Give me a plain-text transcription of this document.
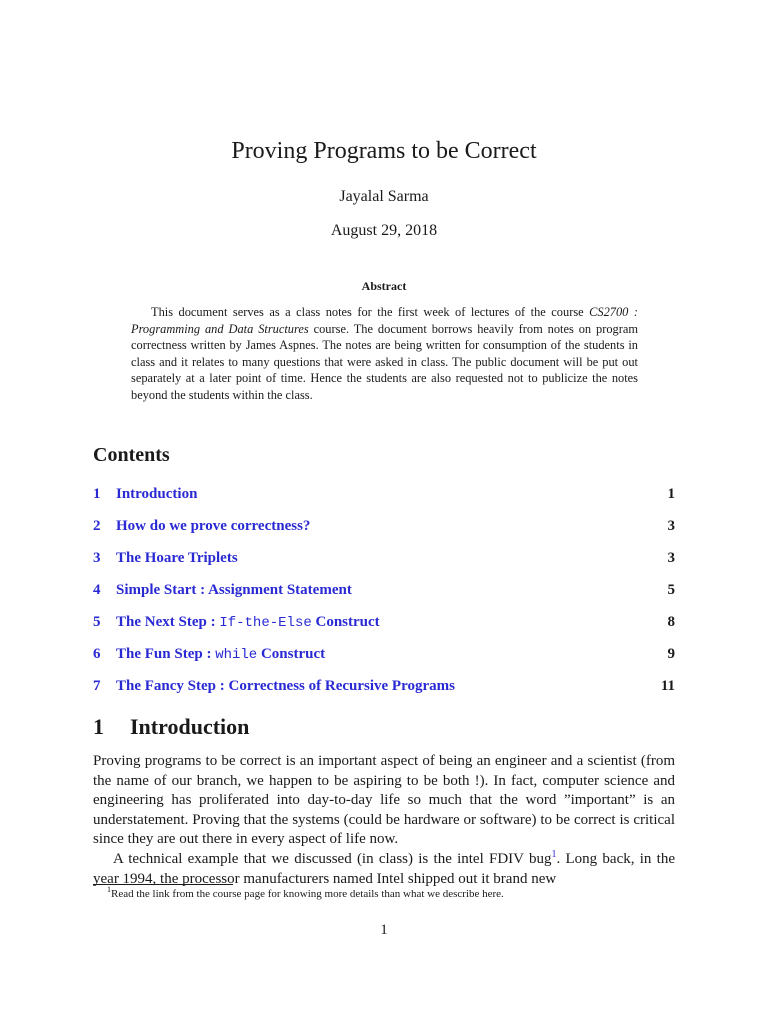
Proving Programs to be Correct
Jayalal Sarma
August 29, 2018
Abstract
This document serves as a class notes for the first week of lectures of the course CS2700 : Programming and Data Structures course. The document borrows heavily from notes on program correctness written by James Aspnes. The notes are being written for consumption of the students in class and it relates to many questions that were asked in class. The public document will be put out separately at a later point of time. Hence the students are also requested not to publicize the notes beyond the students within the class.
Contents
1	Introduction	1
2	How do we prove correctness?	3
3	The Hoare Triplets	3
4	Simple Start : Assignment Statement	5
5	The Next Step : If-the-Else Construct	8
6	The Fun Step : while Construct	9
7	The Fancy Step : Correctness of Recursive Programs	11
1 Introduction

Proving programs to be correct is an important aspect of being an engineer and a scientist (from the name of our branch, we happen to be aspiring to be both !). In fact, computer science and engineering has proliferated into day-to-day life so much that the word ”important” is an understatement. Proving that the systems (could be hardware or software) to be correct is critical since they are out there in every aspect of life now.

A technical example that we discussed (in class) is the intel FDIV bug$^1$. Long back, in the year 1994, the processor manufacturers named Intel shipped out it brand new

$^1$Read the link from the course page for knowing more details than what we describe here.
1
